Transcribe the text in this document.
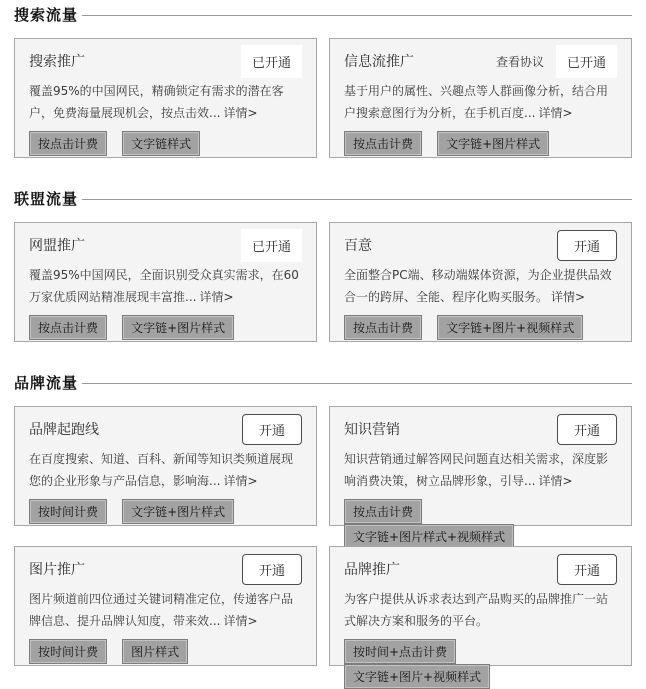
搜索流量
搜索推广	已开通

覆盖95%的中国网民，精确锁定有需求的潜在客户，免费海量展现机会，按点击效... 详情>

按点击计费	文字链样式
信息流推广	查看协议	已开通

基于用户的属性、兴趣点等人群画像分析，结合用户搜索意图行为分析，在手机百度... 详情>

按点击计费	文字链+图片样式
联盟流量
网盟推广	已开通

覆盖95%中国网民，全面识别受众真实需求，在60万家优质网站精准展现丰富推... 详情>

按点击计费	文字链+图片样式
百意	开通

全面整合PC端、移动端媒体资源，为企业提供品效合一的跨屏、全能、程序化购买服务。 详情>

按点击计费	文字链+图片+视频样式
品牌流量
品牌起跑线	开通

在百度搜索、知道、百科、新闻等知识类频道展现您的企业形象与产品信息，影响海... 详情>

按时间计费	文字链+图片样式
知识营销	开通

知识营销通过解答网民问题直达相关需求，深度影响消费决策，树立品牌形象，引导... 详情>

按点击计费 文字链+图片样式+视频样式
图片推广	开通

图片频道前四位通过关键词精准定位，传递客户品牌信息、提升品牌认知度，带来效... 详情>

按时间计费	图片样式
品牌推广	开通

为客户提供从诉求表达到产品购买的品牌推广一站式解决方案和服务的平台。

按时间+点击计费 文字链+图片+视频样式
